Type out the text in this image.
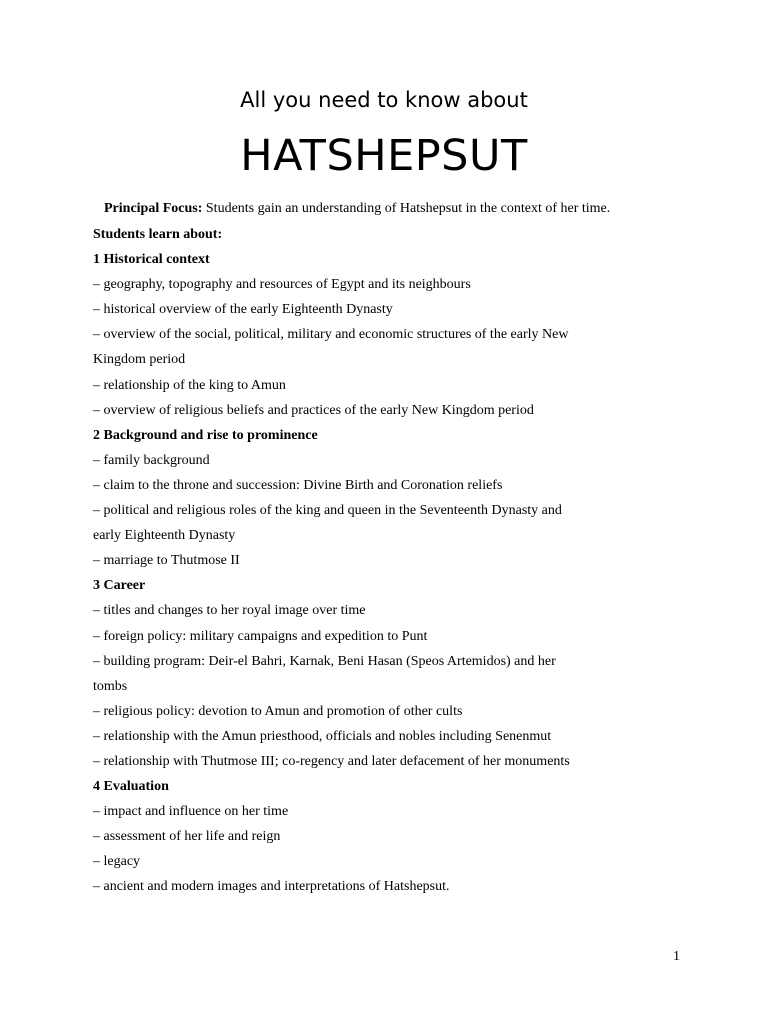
All you need to know about
HATSHEPSUT

Principal Focus: Students gain an understanding of Hatshepsut in the context of her time.

Students learn about:
1 Historical context
– geography, topography and resources of Egypt and its neighbours
– historical overview of the early Eighteenth Dynasty
– overview of the social, political, military and economic structures of the early New
Kingdom period
– relationship of the king to Amun
– overview of religious beliefs and practices of the early New Kingdom period
2 Background and rise to prominence
– family background
– claim to the throne and succession: Divine Birth and Coronation reliefs
– political and religious roles of the king and queen in the Seventeenth Dynasty and
early Eighteenth Dynasty
– marriage to Thutmose II
3 Career
– titles and changes to her royal image over time
– foreign policy: military campaigns and expedition to Punt
– building program: Deir-el Bahri, Karnak, Beni Hasan (Speos Artemidos) and her
tombs
– religious policy: devotion to Amun and promotion of other cults
– relationship with the Amun priesthood, officials and nobles including Senenmut
– relationship with Thutmose III; co-regency and later defacement of her monuments
4 Evaluation
– impact and influence on her time
– assessment of her life and reign
– legacy
– ancient and modern images and interpretations of Hatshepsut.
1
